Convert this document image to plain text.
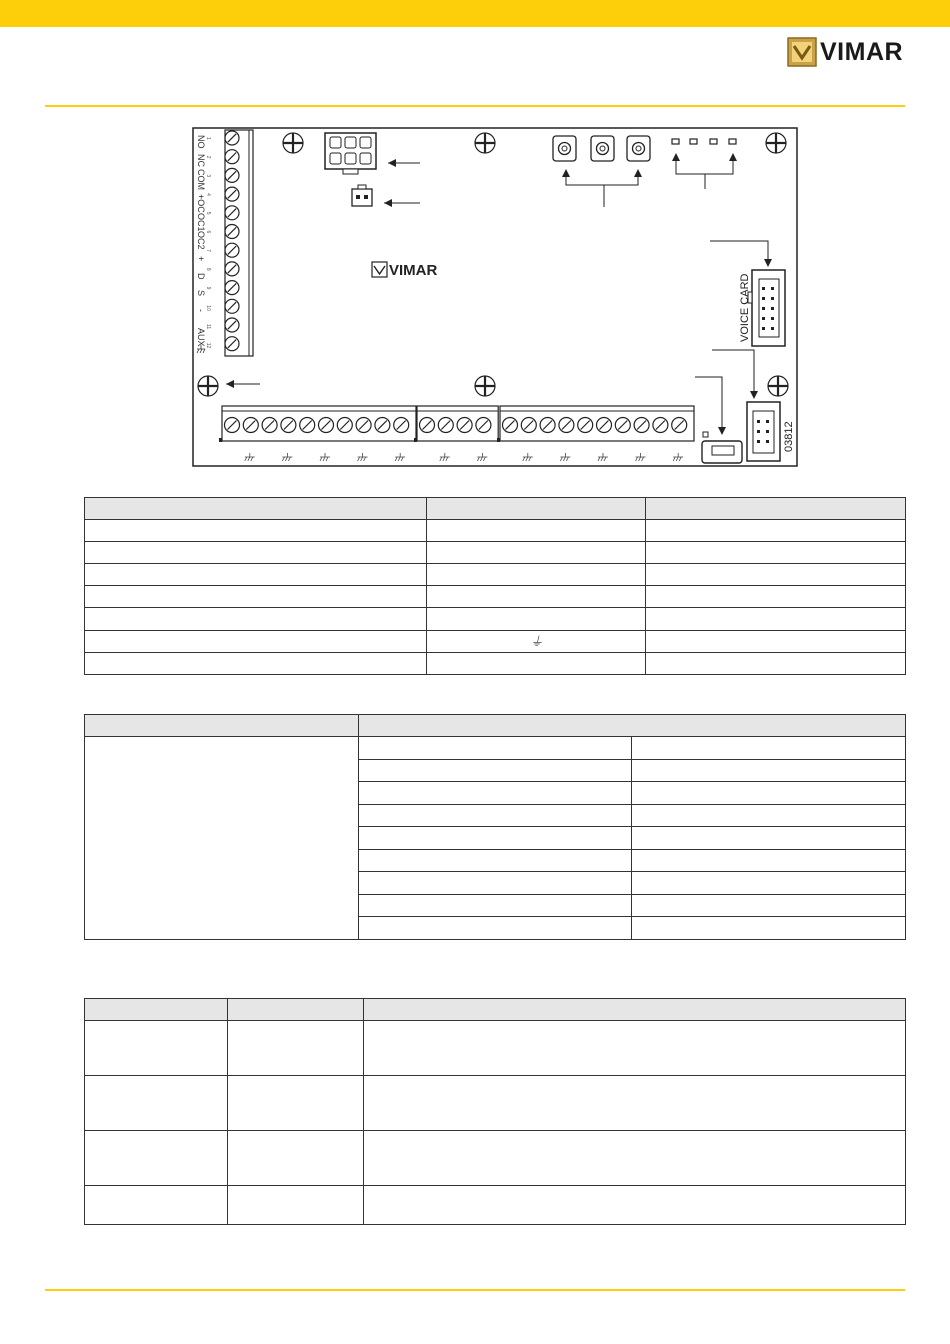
VIMAR
NO
NC
COM
+OC
OC1
OC2
+
D
S
-
AUX
1
2
3
4
5
6
7
8
9
10
11
12
VIMAR
VOICE CARD
03812

	⏚	
